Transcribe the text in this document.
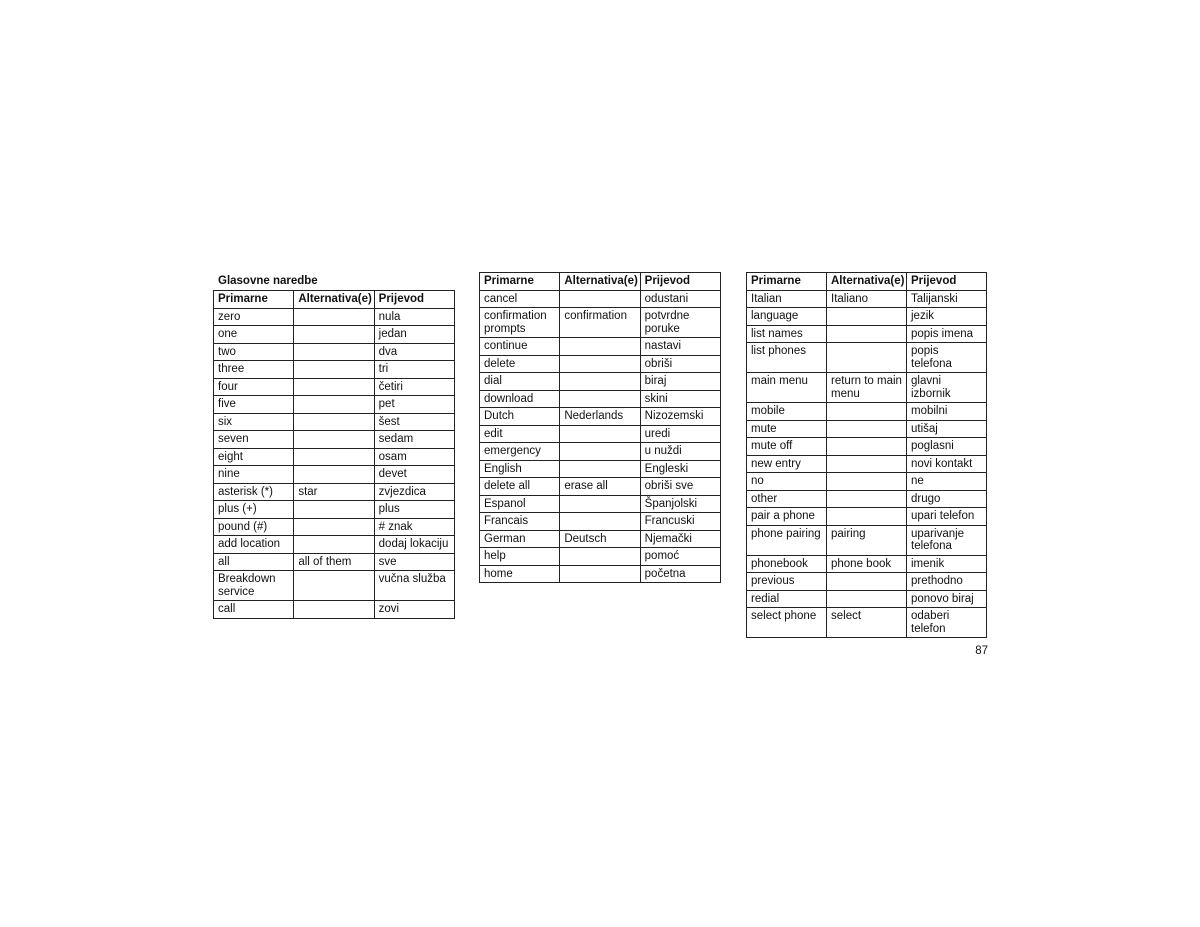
Glasovne naredbe
Primarne	Alternativa(e)	Prijevod
zero		nula
one		jedan
two		dva
three		tri
four		četiri
five		pet
six		šest
seven		sedam
eight		osam
nine		devet
asterisk (*)	star	zvjezdica
plus (+)		plus
pound (#)		# znak
add location		dodaj lokaciju
all	all of them	sve
Breakdown service		vučna služba
call		zovi
Primarne	Alternativa(e)	Prijevod
cancel		odustani
confirmation prompts	confirmation	potvrdne poruke
continue		nastavi
delete		obriši
dial		biraj
download		skini
Dutch	Nederlands	Nizozemski
edit		uredi
emergency		u nuždi
English		Engleski
delete all	erase all	obriši sve
Espanol		Španjolski
Francais		Francuski
German	Deutsch	Njemački
help		pomoć
home		početna
Primarne	Alternativa(e)	Prijevod
Italian	Italiano	Talijanski
language		jezik
list names		popis imena
list phones		popis telefona
main menu	return to main menu	glavni izbornik
mobile		mobilni
mute		utišaj
mute off		poglasni
new entry		novi kontakt
no		ne
other		drugo
pair a phone		upari telefon
phone pairing	pairing	uparivanje telefona
phonebook	phone book	imenik
previous		prethodno
redial		ponovo biraj
select phone	select	odaberi telefon
87
